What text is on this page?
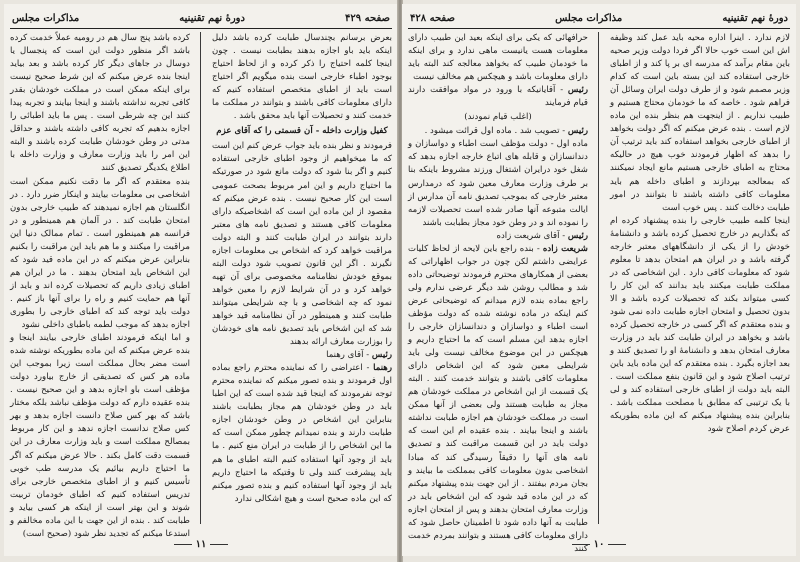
صفحه ۴۲۹
دورهٔ نهم تقنینیه
مذاکرات مجلس

بعرض برسانم بچندسال طبابت کرده باشد دلیل اینکه باید باو اجازه بدهند بطبابت نیست . چون اینجا کلمه احتیاج را ذکر کرده و از لحاظ احتیاج بوجود اطباء خارجی است بنده میگویم اگر احتیاج است باید از اطبای متخصص استفاده کنیم که دارای معلومات کافی باشند و بتوانند در مملکت ما خدمت کنند و تحصیلات آنها باید محقق باشد .

کفیل وزارت داخله - آن قسمتی را که آقای عزم

فرمودند و نظر بنده باید جواب عرض کنم این است که ما میخواهیم از وجود اطبای خارجی استفاده کنیم و اگر بنا شود که دولت مانع شود در صورتیکه ما احتیاج داریم و این امر مربوط بصحت عمومی است این کار صحیح نیست . بنده عرض میکنم که مقصود از این ماده این است که اشخاصیکه دارای معلومات کافی هستند و تصدیق نامه های معتبر دارند بتوانند در ایران طبابت کنند و البته دولت مراقبت خواهد کرد که اشخاص بی معلومات اجازه نگیرند . اگر این قانون تصویب شود دولت البته بموقع خودش نظامنامه مخصوصی برای آن تهیه خواهد کرد و در آن شرایط لازم را معین خواهد نمود که چه اشخاصی و با چه شرایطی میتوانند طبابت کنند و همینطور در آن نظامنامه قید خواهد شد که این اشخاص باید تصدیق نامه های خودشان را بوزارت معارف ارائه بدهند

رئیس - آقای رهنما

رهنما - اعتراضی را که نماینده محترم راجع بماده اول فرمودند و بنده تصور میکنم که نماینده محترم توجه نفرمودند که اینجا قید شده است که این اطبا باید در وطن خودشان هم مجاز بطبابت باشند بنابراین این اشخاص در وطن خودشان اجازه طبابت دارند و بنده نمیدانم چطور ممکن است که ما این اشخاص را از طبابت در ایران منع کنیم . ما باید از وجود آنها استفاده کنیم البته اطبای ما هم باید پیشرفت کنند ولی تا وقتیکه ما احتیاج داریم باید از وجود آنها استفاده کنیم و بنده تصور میکنم که این ماده صحیح است و هیچ اشکالی ندارد

کرده باشد پنج سال هم در رومیه عملاً خدمت کرده باشد اگر منظور دولت این است که پنجسال یا دوسال در جاهای دیگر کار کرده باشد و بعد بیاید اینجا بنده عرض میکنم که این شرط صحیح نیست برای اینکه ممکن است در مملکت خودشان بقدر کافی تجربه نداشته باشند و اینجا بیایند و تجربه پیدا کنند این چه شرطی است . پس ما باید اطبائی را اجازه بدهیم که تجربه کافی داشته باشند و حداقل مدتی در وطن خودشان طبابت کرده باشند و البته این امر را باید وزارت معارف و وزارت داخله با اطلاع یکدیگر تصدیق کنند

بنده معتقدم که اگر ما دقت نکنیم ممکن است اشخاصی بی معلومات بیایند و اینکار ضرر دارد . در انگلستان هم اجازه نمیدهند که طبیب خارجی بدون امتحان طبابت کند . در آلمان هم همینطور و در فرانسه هم همینطور است . تمام ممالک دنیا این مراقبت را میکنند و ما هم باید این مراقبت را بکنیم بنابراین عرض میکنم که در این ماده قید شود که این اشخاص باید امتحان بدهند . ما در ایران هم اطبای زیادی داریم که تحصیلات کرده اند و باید از آنها هم حمایت کنیم و راه را برای آنها باز کنیم . دولت باید توجه کند که اطبای خارجی را بطوری اجازه بدهد که موجب لطمه باطبای داخلی نشود

و اما اینکه فرمودند اطبای خارجی بیایند اینجا و بنده عرض میکنم که این ماده بطوریکه نوشته شده است مضر بحال مملکت است زیرا بموجب این ماده هر کس که تصدیقی از خارج بیاورد دولت مؤظف است باو اجازه بدهد و این صحیح نیست . بنده عقیده دارم که دولت مؤظف نباشد بلکه مختار باشد که بهر کس صلاح دانست اجازه بدهد و بهر کس صلاح ندانست اجازه ندهد و این کار مربوط بمصالح مملکت است و باید وزارت معارف در این قسمت دقت کامل بکند . حالا عرض میکنم که اگر ما احتیاج داریم بیائیم یک مدرسه طب خوبی تأسیس کنیم و از اطبای متخصص خارجی برای تدریس استفاده کنیم که اطبای خودمان تربیت شوند و این بهتر است از اینکه هر کسی بیاید و طبابت کند . بنده از این جهت با این ماده مخالفم و استدعا میکنم که تجدید نظر شود (صحیح است)

۱۱
دورهٔ نهم تقنینیه
مذاکرات مجلس
صفحه ۴۲۸

لازم ندارد . اینرا اداره محیه باید عمل کند وظیفه اش این است خوب حالا اگر فردا دولت وزیر صحیه باین مقام برآمد که مدرسه ای بر پا کند و از اطبای خارجی استفاده کند این بسته باین است که کدام وزیر مصمم شود و از طرف دولت ایران وسائل آن فراهم شود . خاصه که ما خودمان محتاج هستیم و طبیب نداریم . از اینجهت هم بنظر بنده این ماده لازم است . بنده عرض میکنم که اگر دولت بخواهد از اطبای خارجی بخواهد استفاده کند باید ترتیب آن را بدهد که اظهار فرمودند خوب هیچ در حالیکه محتاج به اطبای خارجی هستیم مانع ایجاد نمیکنند که بمعالجه بپردازند و اطبای داخله هم باید معلومات کافی داشته باشند تا بتوانند در امور طبابت دخالت کنند . پس خوب است

اینجا کلمه طبیب خارجی را بنده پیشنهاد کرده ام که بگذاریم در خارج تحصیل کرده باشد و دانشنامهٔ خودش را از یکی از دانشگاههای معتبر خارجه گرفته باشد و در ایران هم امتحان بدهد تا معلوم شود که معلومات کافی دارد . این اشخاصی که در مملکت طبابت میکنند باید بدانند که این کار را کسی میتواند بکند که تحصیلات کرده باشد و الا بدون تحصیل و امتحان اجازه طبابت داده نمی شود و بنده معتقدم که اگر کسی در خارجه تحصیل کرده باشد و بخواهد در ایران طبابت کند باید در وزارت معارف امتحان بدهد و دانشنامهٔ او را تصدیق کنند و بعد اجازه بگیرد . بنده معتقدم که این ماده باید باین ترتیب اصلاح شود و این قانون بنفع مملکت است . البته باید دولت از اطبای خارجی استفاده کند و لی با یک ترتیبی که مطابق با مصلحت مملکت باشد . بنابراین بنده پیشنهاد میکنم که این ماده بطوریکه عرض کردم اصلاح شود

حرافهائی که یکی برای اینکه بعید این طبیب دارای معلومات هست یانیست ماهی ندارد و برای اینکه ما خودمان طبیب که بخواهد معالجه کند البته باید دارای معلومات باشد و هیچکس هم مخالف نیست

رئیس - آقایانیکه با ورود در مواد موافقت دارند قیام فرمایند

(اغلب قیام نمودند)

رئیس - تصویب شد . ماده اول قرائت میشود .

ماده اول - دولت مؤظف است اطباء و دواسازان و دندانسازان و قابله های اتباع خارجه اجازه بدهد که شغل خود درایران اشتغال ورزند مشروط باینکه بنا بر طرف وزارت معارف معین شود که درمدارس معتبر خارجی که بموجب تصدیق نامه آن مدارس از ایالت متبوعه آنها صادر شده است تحصیلات لازمه را نموده اند و در وطن خود مجاز بطبابت باشند

رئیس - آقای شریعت زاده

شریعت زاده - بنده راجع باین لایحه از لحاظ کلیات عرایضی داشتم لکن چون در جواب اظهاراتی که بعضی از همکارهای محترم فرمودند توضیحاتی داده شد و مطالب روشن شد دیگر عرضی ندارم ولی راجع بماده بنده لازم میدانم که توضیحاتی عرض کنم اینکه در ماده نوشته شده که دولت مؤظف است اطباء و دواسازان و دندانسازان خارجی را اجازه بدهد این مسلم است که ما احتیاج داریم و هیچکس در این موضوع مخالف نیست ولی باید شرایطی معین شود که این اشخاص دارای معلومات کافی باشند و بتوانند خدمت کنند . البته یک قسمت از این اشخاص در مملکت خودشان هم مجاز به طبابت هستند ولی بعضی از آنها ممکن است در مملکت خودشان هم اجازه طبابت نداشته باشند و اینجا بیایند . بنده عقیده ام این است که دولت باید در این قسمت مراقبت کند و تصدیق نامه های آنها را دقیقاً رسیدگی کند که مبادا اشخاصی بدون معلومات کافی بمملکت ما بیایند و بجان مردم بیفتند . از این جهت بنده پیشنهاد میکنم که در این ماده قید شود که این اشخاص باید در وزارت معارف امتحان بدهند و پس از امتحان اجازه طبابت به آنها داده شود تا اطمینان حاصل شود که دارای معلومات کافی هستند و بتوانند بمردم خدمت کنند ۱۰
